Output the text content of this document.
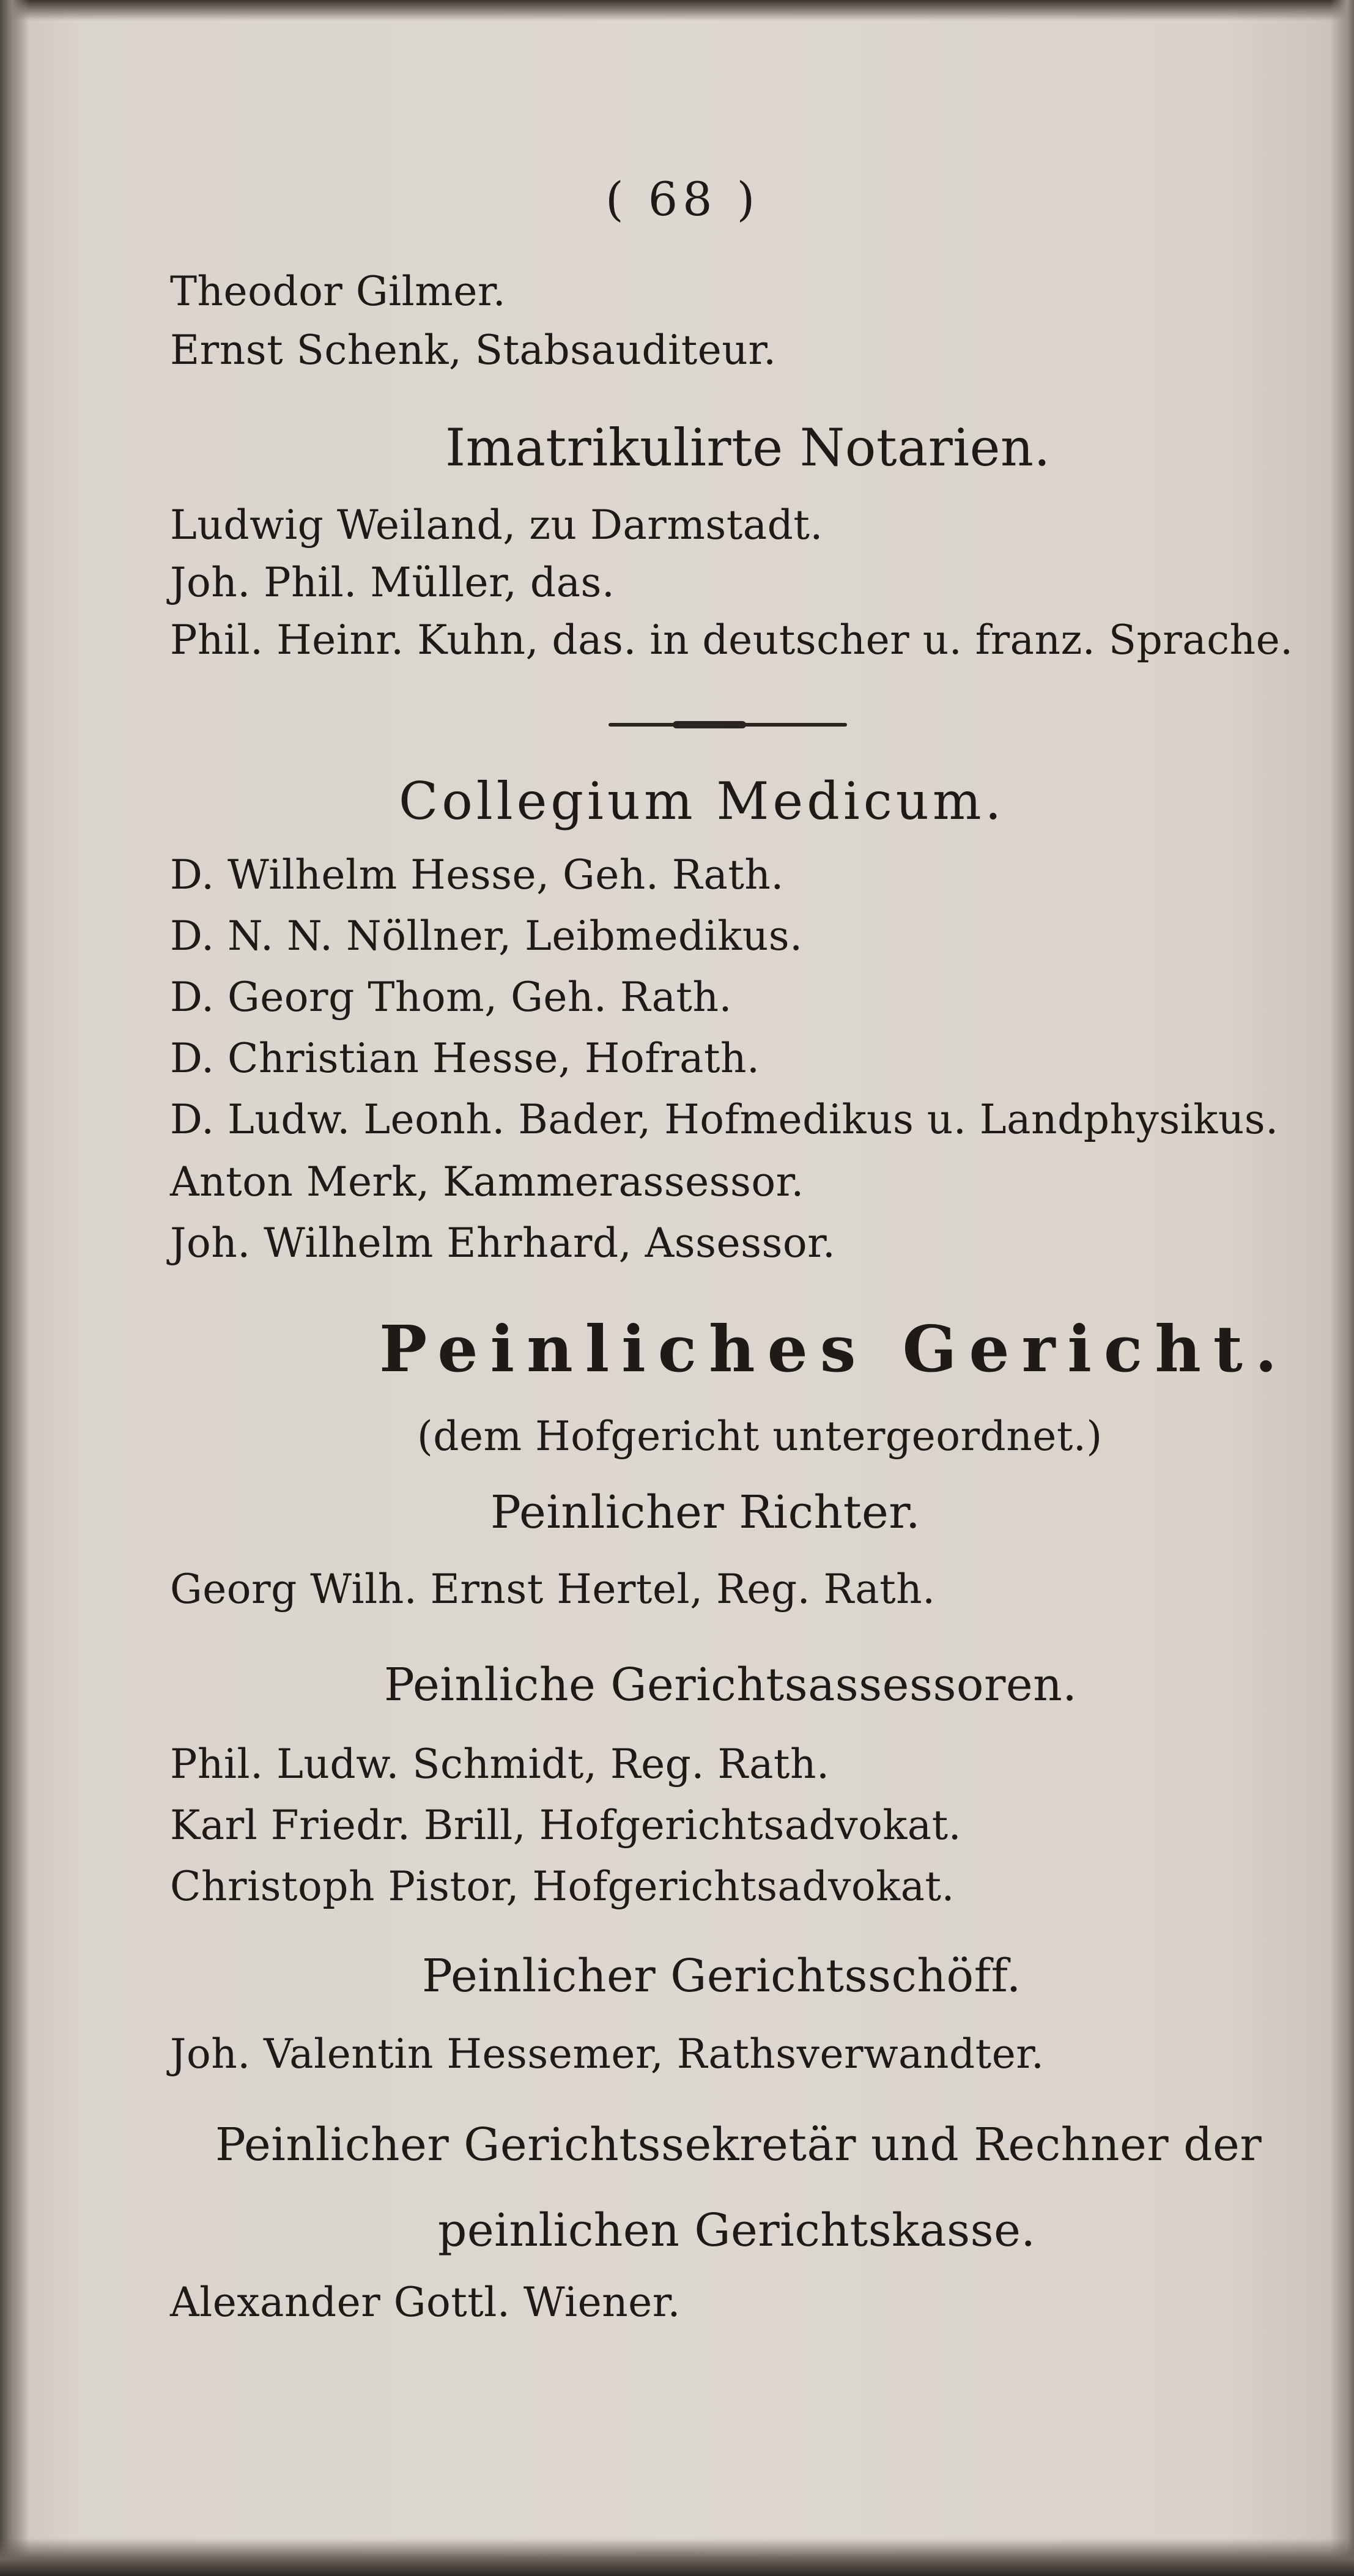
( 68 )
Theodor Gilmer.
Ernst Schenk, Stabsauditeur.
Imatrikulirte Notarien.
Ludwig Weiland, zu Darmstadt.
Joh. Phil. Müller, das.
Phil. Heinr. Kuhn, das. in deutscher u. franz. Sprache.
Collegium Medicum.
D. Wilhelm Hesse, Geh. Rath.
D. N. N. Nöllner, Leibmedikus.
D. Georg Thom, Geh. Rath.
D. Christian Hesse, Hofrath.
D. Ludw. Leonh. Bader, Hofmedikus u. Landphysikus.
Anton Merk, Kammerassessor.
Joh. Wilhelm Ehrhard, Assessor.
Peinliches Gericht.
(dem Hofgericht untergeordnet.)
Peinlicher Richter.
Georg Wilh. Ernst Hertel, Reg. Rath.
Peinliche Gerichtsassessoren.
Phil. Ludw. Schmidt, Reg. Rath.
Karl Friedr. Brill, Hofgerichtsadvokat.
Christoph Pistor, Hofgerichtsadvokat.
Peinlicher Gerichtsschöff.
Joh. Valentin Hessemer, Rathsverwandter.
Peinlicher Gerichtssekretär und Rechner der
peinlichen Gerichtskasse.
Alexander Gottl. Wiener.
